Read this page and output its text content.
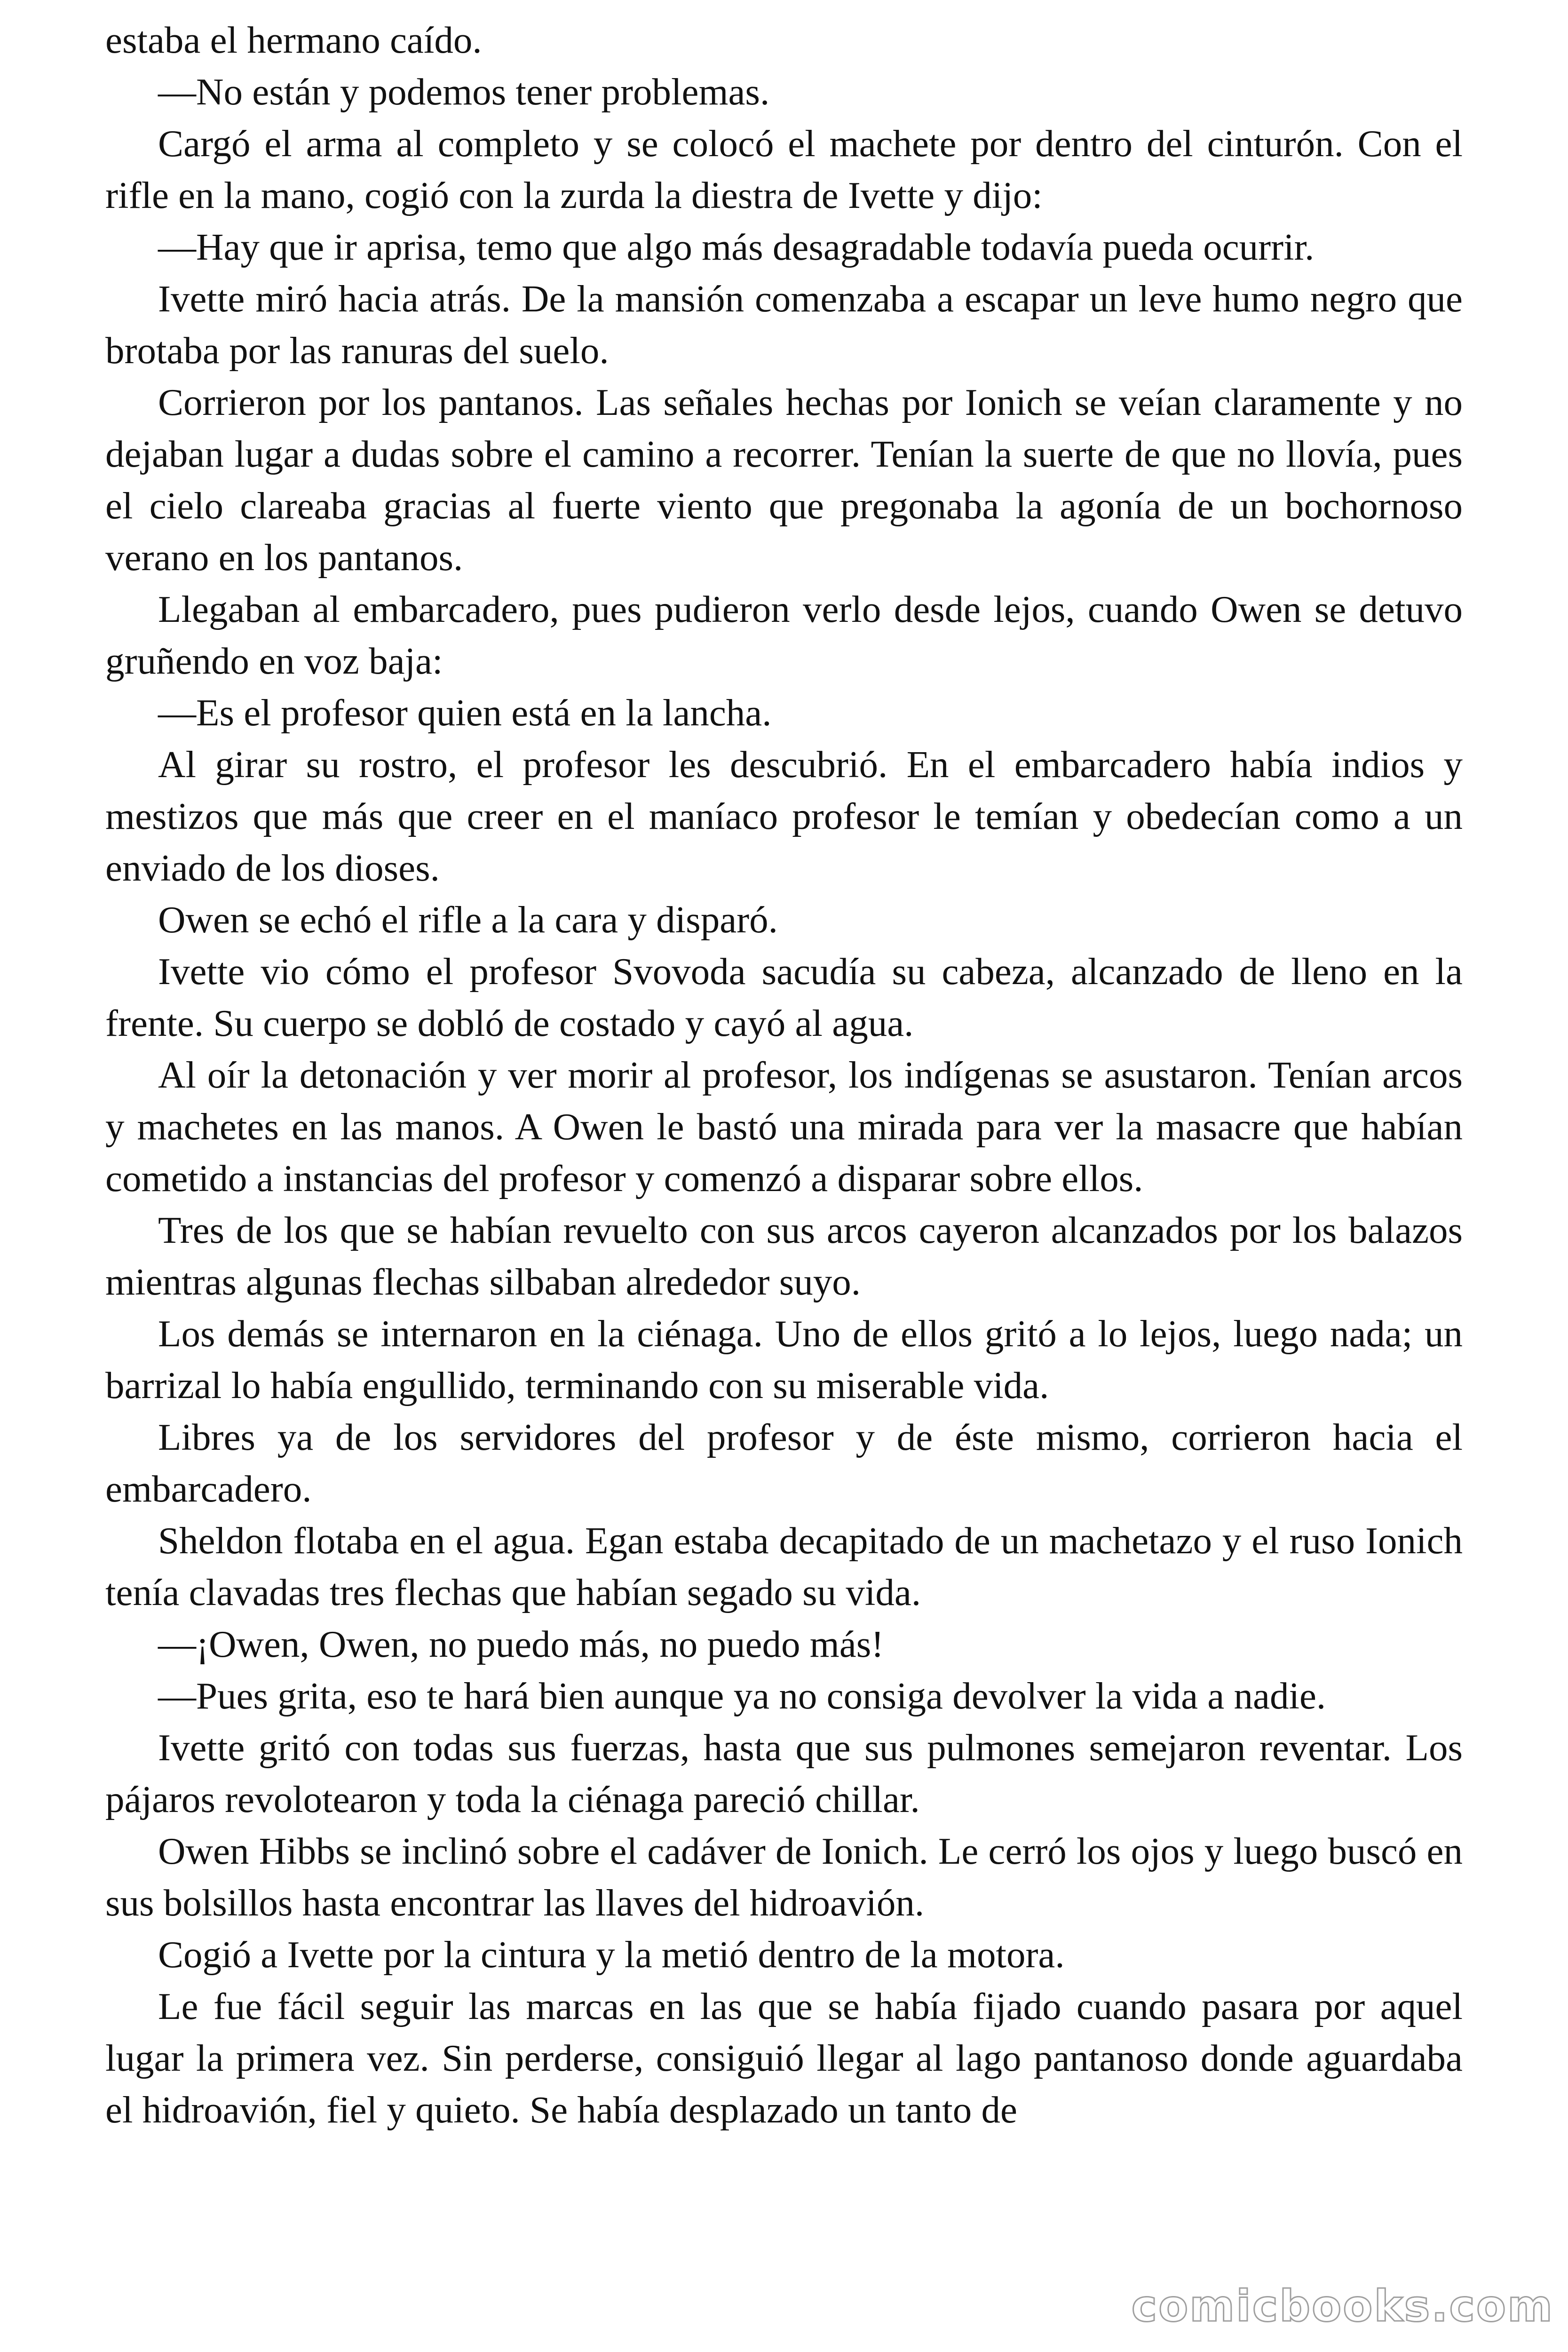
estaba el hermano caído.

—No están y podemos tener problemas.

Cargó el arma al completo y se colocó el machete por dentro del cinturón. Con el rifle en la mano, cogió con la zurda la diestra de Ivette y dijo:

—Hay que ir aprisa, temo que algo más desagradable todavía pueda ocurrir.

Ivette miró hacia atrás. De la mansión comenzaba a escapar un leve humo negro que brotaba por las ranuras del suelo.

Corrieron por los pantanos. Las señales hechas por Ionich se veían claramente y no dejaban lugar a dudas sobre el camino a recorrer. Tenían la suerte de que no llovía, pues el cielo clareaba gracias al fuerte viento que pregonaba la agonía de un bochornoso verano en los pantanos.

Llegaban al embarcadero, pues pudieron verlo desde lejos, cuando Owen se detuvo gruñendo en voz baja:

—Es el profesor quien está en la lancha.

Al girar su rostro, el profesor les descubrió. En el embarcadero había indios y mestizos que más que creer en el maníaco profesor le temían y obedecían como a un enviado de los dioses.

Owen se echó el rifle a la cara y disparó.

Ivette vio cómo el profesor Svovoda sacudía su cabeza, alcanzado de lleno en la frente. Su cuerpo se dobló de costado y cayó al agua.

Al oír la detonación y ver morir al profesor, los indígenas se asustaron. Tenían arcos y machetes en las manos. A Owen le bastó una mirada para ver la masacre que habían cometido a instancias del profesor y comenzó a disparar sobre ellos.

Tres de los que se habían revuelto con sus arcos cayeron alcanzados por los balazos mientras algunas flechas silbaban alrededor suyo.

Los demás se internaron en la ciénaga. Uno de ellos gritó a lo lejos, luego nada; un barrizal lo había engullido, terminando con su miserable vida.

Libres ya de los servidores del profesor y de éste mismo, corrieron hacia el embarcadero.

Sheldon flotaba en el agua. Egan estaba decapitado de un machetazo y el ruso Ionich tenía clavadas tres flechas que habían segado su vida.

—¡Owen, Owen, no puedo más, no puedo más!

—Pues grita, eso te hará bien aunque ya no consiga devolver la vida a nadie.

Ivette gritó con todas sus fuerzas, hasta que sus pulmones semejaron reventar. Los pájaros revolotearon y toda la ciénaga pareció chillar.

Owen Hibbs se inclinó sobre el cadáver de Ionich. Le cerró los ojos y luego buscó en sus bolsillos hasta encontrar las llaves del hidroavión.

Cogió a Ivette por la cintura y la metió dentro de la motora.

Le fue fácil seguir las marcas en las que se había fijado cuando pasara por aquel lugar la primera vez. Sin perderse, consiguió llegar al lago pantanoso donde aguardaba el hidroavión, fiel y quieto. Se había desplazado un tanto de

comicbooks.com
